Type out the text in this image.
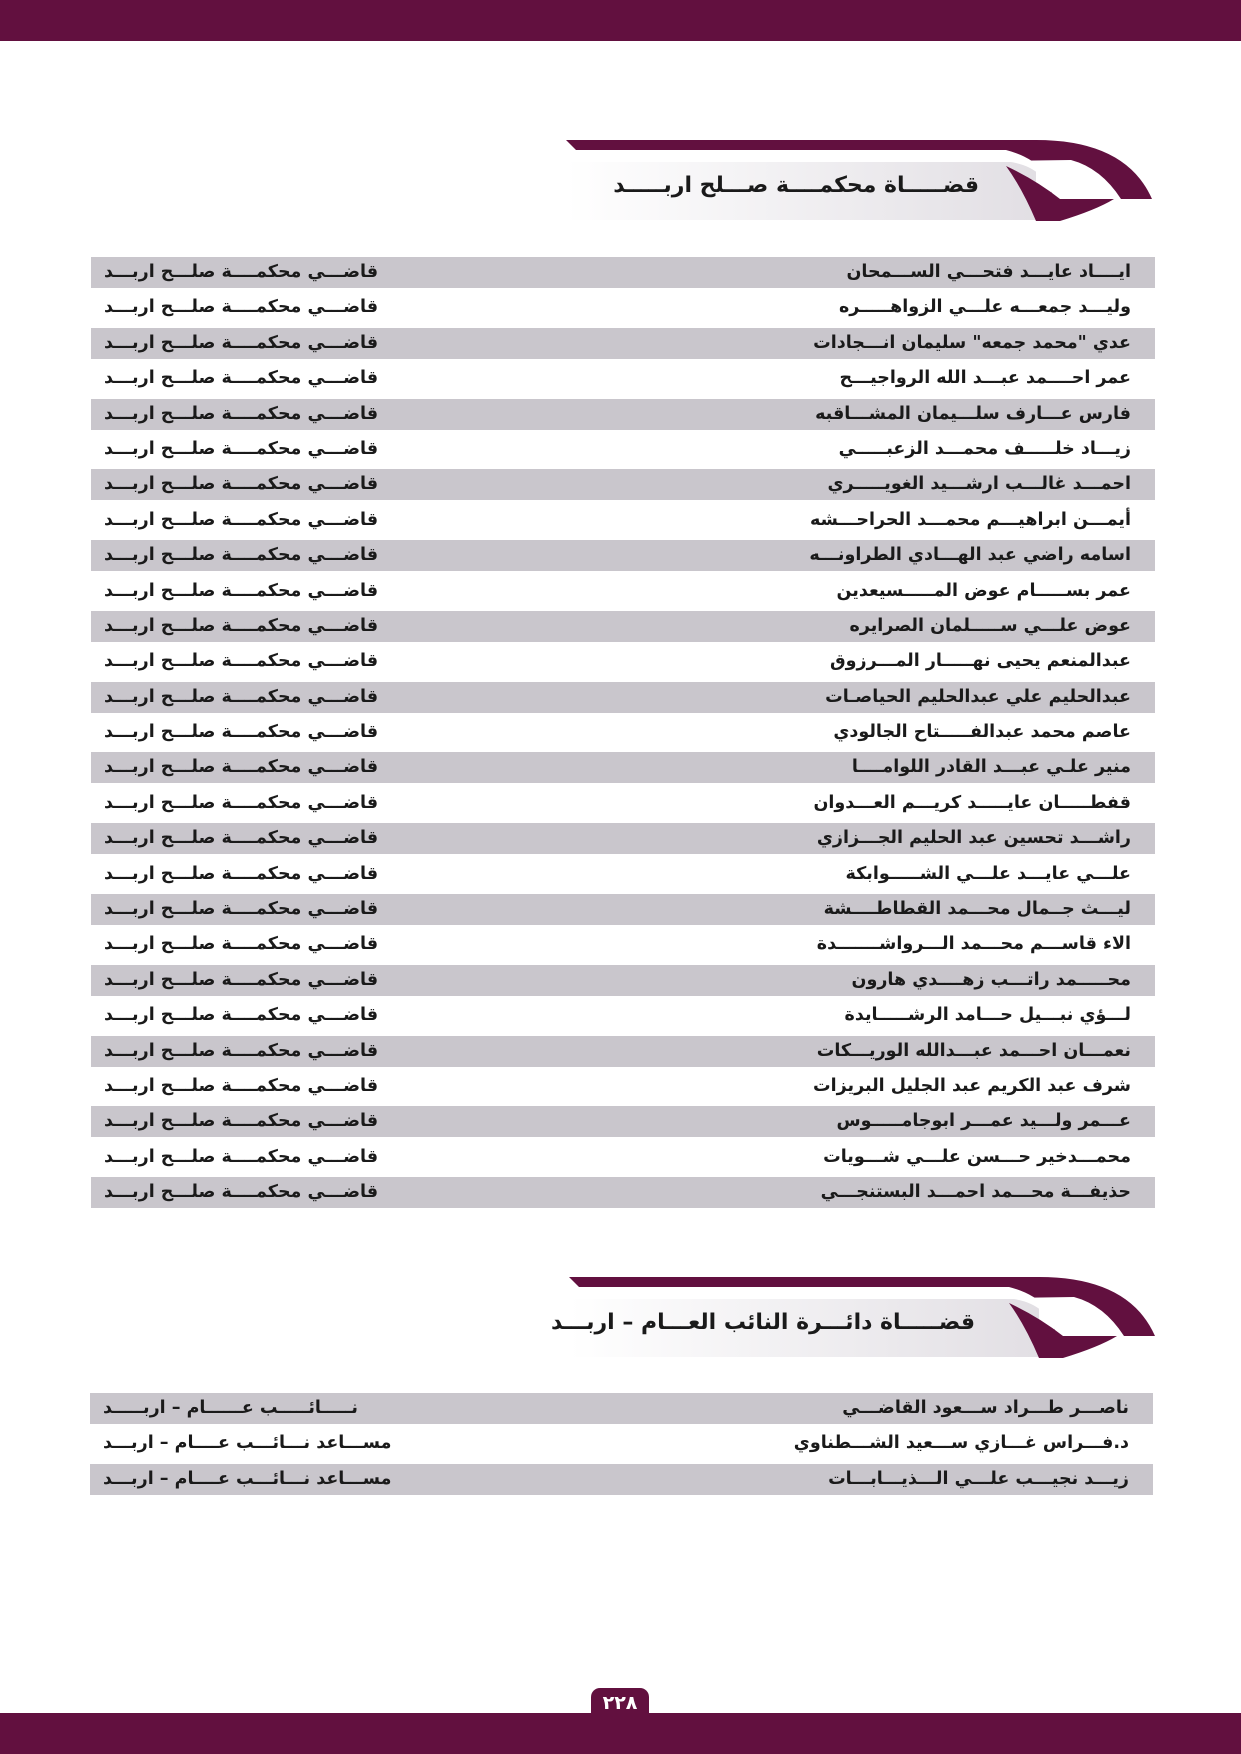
قضـــــاة محكمــــة صـــلح اربـــــد
ايــــاد عايـــد فتحـــي الســـمحان
قاضـــي محكمــــة صلـــح اربـــد
وليـــد جمعـــه علـــي الزواهـــــره
قاضـــي محكمــــة صلـــح اربـــد
عدي "محمد جمعه" سليمان انـــجادات
قاضـــي محكمــــة صلـــح اربـــد
عمر احــــمد عبـــد الله الرواجيـــح
قاضـــي محكمــــة صلـــح اربـــد
فارس عـــارف سلـــيمان المشـــاقبه
قاضـــي محكمــــة صلـــح اربـــد
زيـــاد خلـــــف محمـــد الزعبـــــي
قاضـــي محكمــــة صلـــح اربـــد
احمـــد غالـــب ارشـــيد الغويـــــري
قاضـــي محكمــــة صلـــح اربـــد
أيمـــن ابراهيـــم محمـــد الحراحـــشه
قاضـــي محكمــــة صلـــح اربـــد
اسامه راضي عبد الهـــادي الطراونـــه
قاضـــي محكمــــة صلـــح اربـــد
عمر بســـــام عوض المـــــسيعدين
قاضـــي محكمــــة صلـــح اربـــد
عوض علـــي ســـــلمان الصرايره
قاضـــي محكمــــة صلـــح اربـــد
عبدالمنعم يحيى نهـــــار المـــرزوق
قاضـــي محكمــــة صلـــح اربـــد
عبدالحليم علي عبدالحليم الحياصـات
قاضـــي محكمــــة صلـــح اربـــد
عاصم محمد عبدالفـــــتاح الجالودي
قاضـــي محكمــــة صلـــح اربـــد
منير علـي عبـــد القادر اللوامــــا
قاضـــي محكمــــة صلـــح اربـــد
قفطـــــان عايـــــد كريـــم العـــدوان
قاضـــي محكمــــة صلـــح اربـــد
راشـــد تحسين عبد الحليم الجـــزازي
قاضـــي محكمــــة صلـــح اربـــد
علـــي عايـــد علـــي الشـــــوابكة
قاضـــي محكمــــة صلـــح اربـــد
ليـــث جــمال محـــمد القطاطــــشة
قاضـــي محكمــــة صلـــح اربـــد
الاء قاســـم محـــمد الـــرواشـــــــدة
قاضـــي محكمــــة صلـــح اربـــد
محـــــمد راتـــب زهــــدي هارون
قاضـــي محكمــــة صلـــح اربـــد
لـــؤي نبـــيل حـــامد الرشـــــايدة
قاضـــي محكمــــة صلـــح اربـــد
نعمـــان احـــمد عبـــدالله الوريـــكات
قاضـــي محكمــــة صلـــح اربـــد
شرف عبد الكريم عبد الجليل البريزات
قاضـــي محكمــــة صلـــح اربـــد
عـــمر ولـــيد عمـــر ابوجامـــــوس
قاضـــي محكمــــة صلـــح اربـــد
محمـــدخير حـــسن علـــي شـــويات
قاضـــي محكمــــة صلـــح اربـــد
حذيفـــة محـــمد احمـــد البستنجـــي
قاضـــي محكمــــة صلـــح اربـــد
قضـــــاة دائـــرة النائب العـــام – اربـــد
ناصـــر طـــراد ســـعود القاضـــي
نـــــائـــــب عــــــام – اربـــــد
د.فـــراس غـــازي ســـعيد الشـــطناوي
مســـاعد نـــائـــب عــــام – اربـــد
زيـــد نجيـــب علـــي الـــذيـــابـــات
مســـاعد نـــائـــب عــــام – اربـــد
٢٢٨
